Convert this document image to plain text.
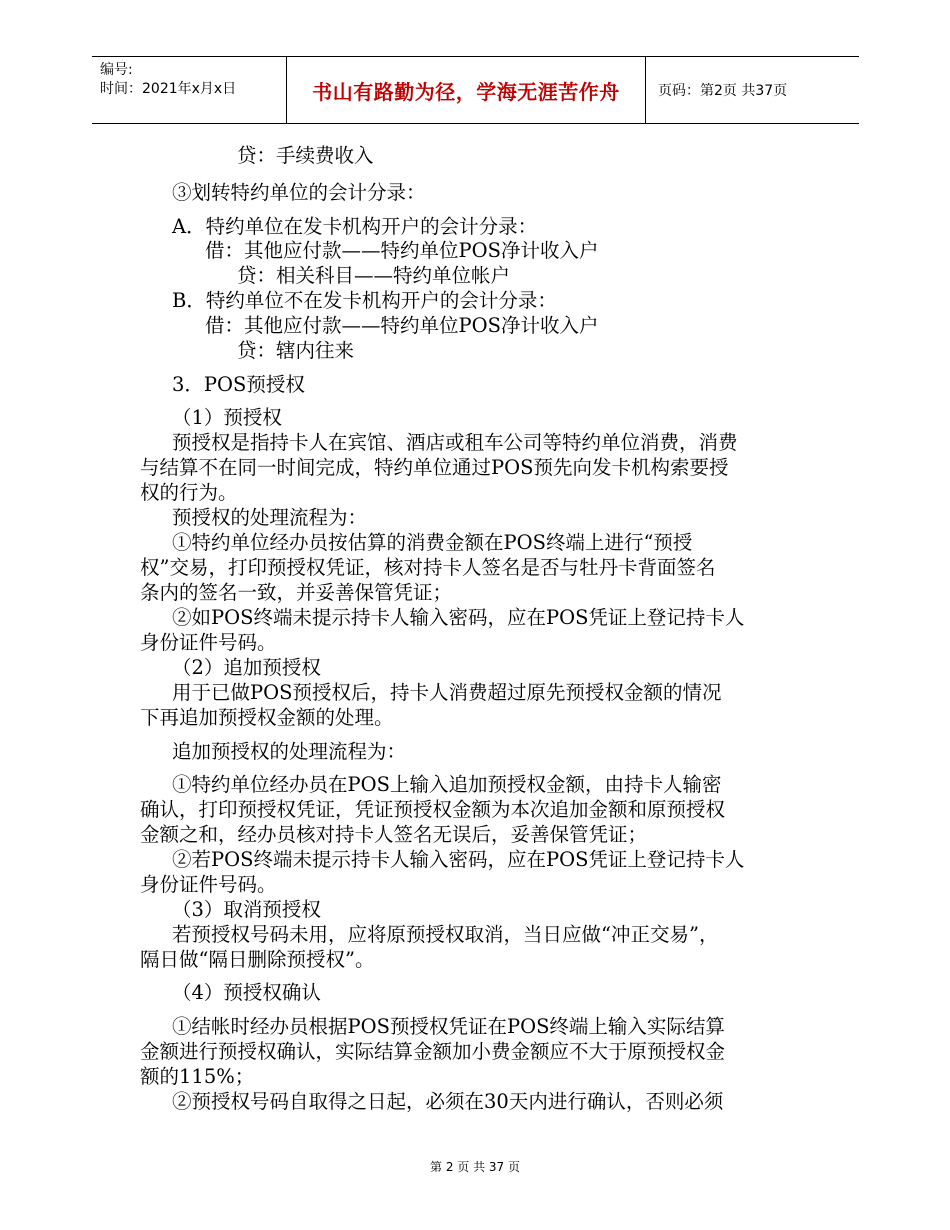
编号:
时间：2021年x月x日	书山有路勤为径，学海无涯苦作舟	页码：第2页 共37页
贷：手续费收入
③划转特约单位的会计分录：
A．特约单位在发卡机构开户的会计分录：
借：其他应付款——特约单位POS净计收入户
贷：相关科目——特约单位帐户
B．特约单位不在发卡机构开户的会计分录：
借：其他应付款——特约单位POS净计收入户
贷：辖内往来
3．POS预授权
（1）预授权
预授权是指持卡人在宾馆、酒店或租车公司等特约单位消费，消费
与结算不在同一时间完成，特约单位通过POS预先向发卡机构索要授
权的行为。
预授权的处理流程为：
①特约单位经办员按估算的消费金额在POS终端上进行“预授
权”交易，打印预授权凭证，核对持卡人签名是否与牡丹卡背面签名
条内的签名一致，并妥善保管凭证；
②如POS终端未提示持卡人输入密码，应在POS凭证上登记持卡人
身份证件号码。
（2）追加预授权
用于已做POS预授权后，持卡人消费超过原先预授权金额的情况
下再追加预授权金额的处理。
追加预授权的处理流程为：
①特约单位经办员在POS上输入追加预授权金额，由持卡人输密
确认，打印预授权凭证，凭证预授权金额为本次追加金额和原预授权
金额之和，经办员核对持卡人签名无误后，妥善保管凭证；
②若POS终端未提示持卡人输入密码，应在POS凭证上登记持卡人
身份证件号码。
（3）取消预授权
若预授权号码未用，应将原预授权取消，当日应做“冲正交易”，
隔日做“隔日删除预授权”。
（4）预授权确认
①结帐时经办员根据POS预授权凭证在POS终端上输入实际结算
金额进行预授权确认，实际结算金额加小费金额应不大于原预授权金
额的115%；
②预授权号码自取得之日起，必须在30天内进行确认，否则必须
第 2 页 共 37 页
